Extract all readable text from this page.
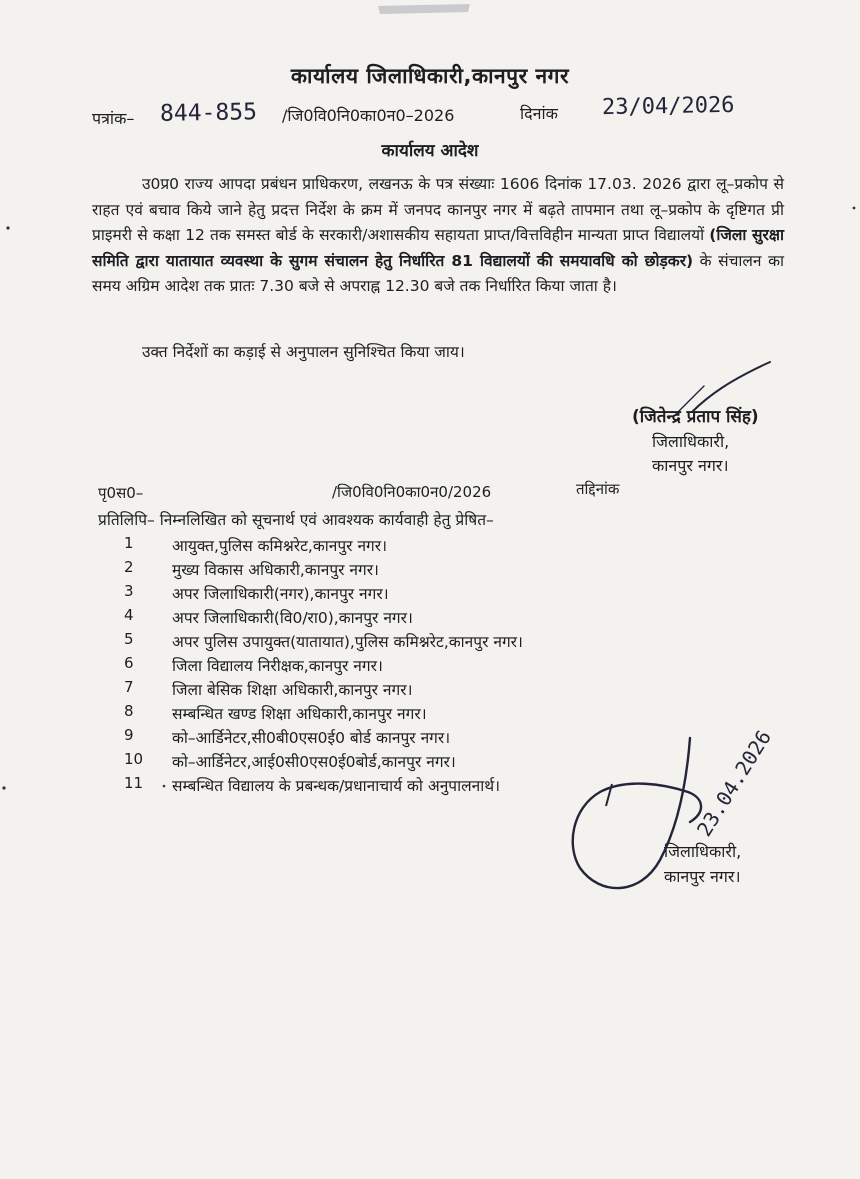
कार्यालय जिलाधिकारी,कानपुर नगर
पत्रांक– 844-855 /जि0वि0नि0का0न0–2026	दिनांक 23/04/2026
कार्यालय आदेश

उ0प्र0 राज्य आपदा प्रबंधन प्राधिकरण, लखनऊ के पत्र संख्याः 1606 दिनांक 17.03. 2026 द्वारा लू–प्रकोप से राहत एवं बचाव किये जाने हेतु प्रदत्त निर्देश के क्रम में जनपद कानपुर नगर में बढ़ते तापमान तथा लू–प्रकोप के दृष्टिगत प्री प्राइमरी से कक्षा 12 तक समस्त बोर्ड के सरकारी/अशासकीय सहायता प्राप्त/वित्तविहीन मान्यता प्राप्त विद्यालयों (जिला सुरक्षा समिति द्वारा यातायात व्यवस्था के सुगम संचालन हेतु निर्धारित 81 विद्यालयों की समयावधि को छोड़कर) के संचालन का समय अग्रिम आदेश तक प्रातः 7.30 बजे से अपराह्न 12.30 बजे तक निर्धारित किया जाता है।

उक्त निर्देशों का कड़ाई से अनुपालन सुनिश्चित किया जाय।
(जितेन्द्र प्रताप सिंह)
जिलाधिकारी,
कानपुर नगर।
पृ0स0–	/जि0वि0नि0का0न0/2026	तद्दिनांक
प्रतिलिपि– निम्नलिखित को सूचनार्थ एवं आवश्यक कार्यवाही हेतु प्रेषित–
1 आयुक्त,पुलिस कमिश्नरेट,कानपुर नगर।
2 मुख्य विकास अधिकारी,कानपुर नगर।
3 अपर जिलाधिकारी(नगर),कानपुर नगर।
4 अपर जिलाधिकारी(वि0/रा0),कानपुर नगर।
5 अपर पुलिस उपायुक्त(यातायात),पुलिस कमिश्नरेट,कानपुर नगर।
6 जिला विद्यालय निरीक्षक,कानपुर नगर।
7 जिला बेसिक शिक्षा अधिकारी,कानपुर नगर।
8 सम्बन्धित खण्ड शिक्षा अधिकारी,कानपुर नगर।
9 को–आर्डिनेटर,सी0बी0एस0ई0 बोर्ड कानपुर नगर।
10 को–आर्डिनेटर,आई0सी0एस0ई0बोर्ड,कानपुर नगर।
11 सम्बन्धित विद्यालय के प्रबन्धक/प्रधानाचार्य को अनुपालनार्थ।
जिलाधिकारी,
कानपुर नगर।
23.04.2026
